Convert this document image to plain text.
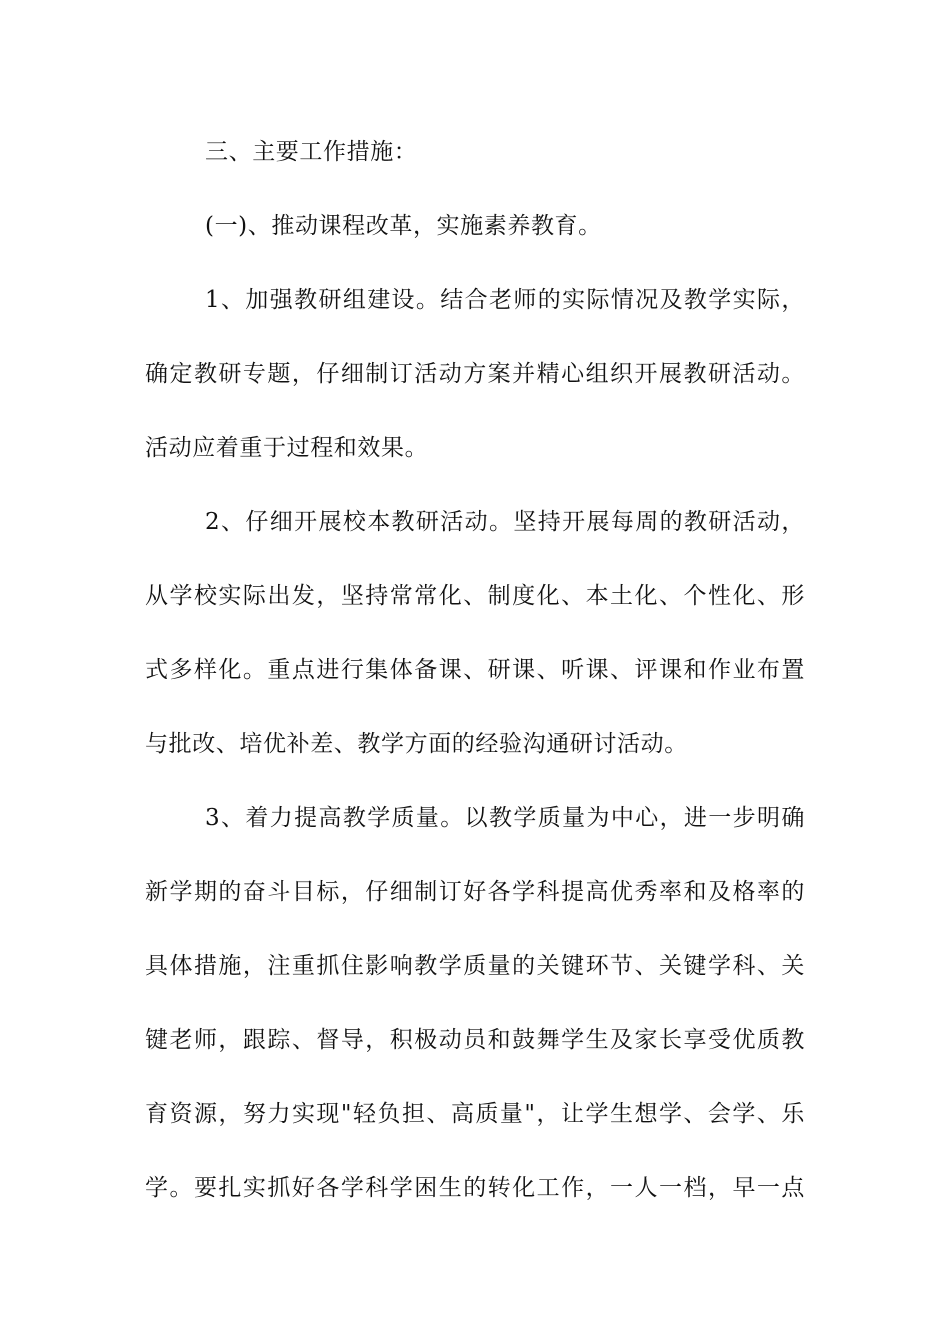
三、主要工作措施：
(一)、推动课程改革，实施素养教育。
1、加强教研组建设。结合老师的实际情况及教学实际，
确定教研专题，仔细制订活动方案并精心组织开展教研活动。
活动应着重于过程和效果。
2、仔细开展校本教研活动。坚持开展每周的教研活动，
从学校实际出发，坚持常常化、制度化、本土化、个性化、形
式多样化。重点进行集体备课、研课、听课、评课和作业布置
与批改、培优补差、教学方面的经验沟通研讨活动。
3、着力提高教学质量。以教学质量为中心，进一步明确
新学期的奋斗目标，仔细制订好各学科提高优秀率和及格率的
具体措施，注重抓住影响教学质量的关键环节、关键学科、关
键老师，跟踪、督导，积极动员和鼓舞学生及家长享受优质教
育资源，努力实现"轻负担、高质量"，让学生想学、会学、乐
学。要扎实抓好各学科学困生的转化工作，一人一档，早一点
